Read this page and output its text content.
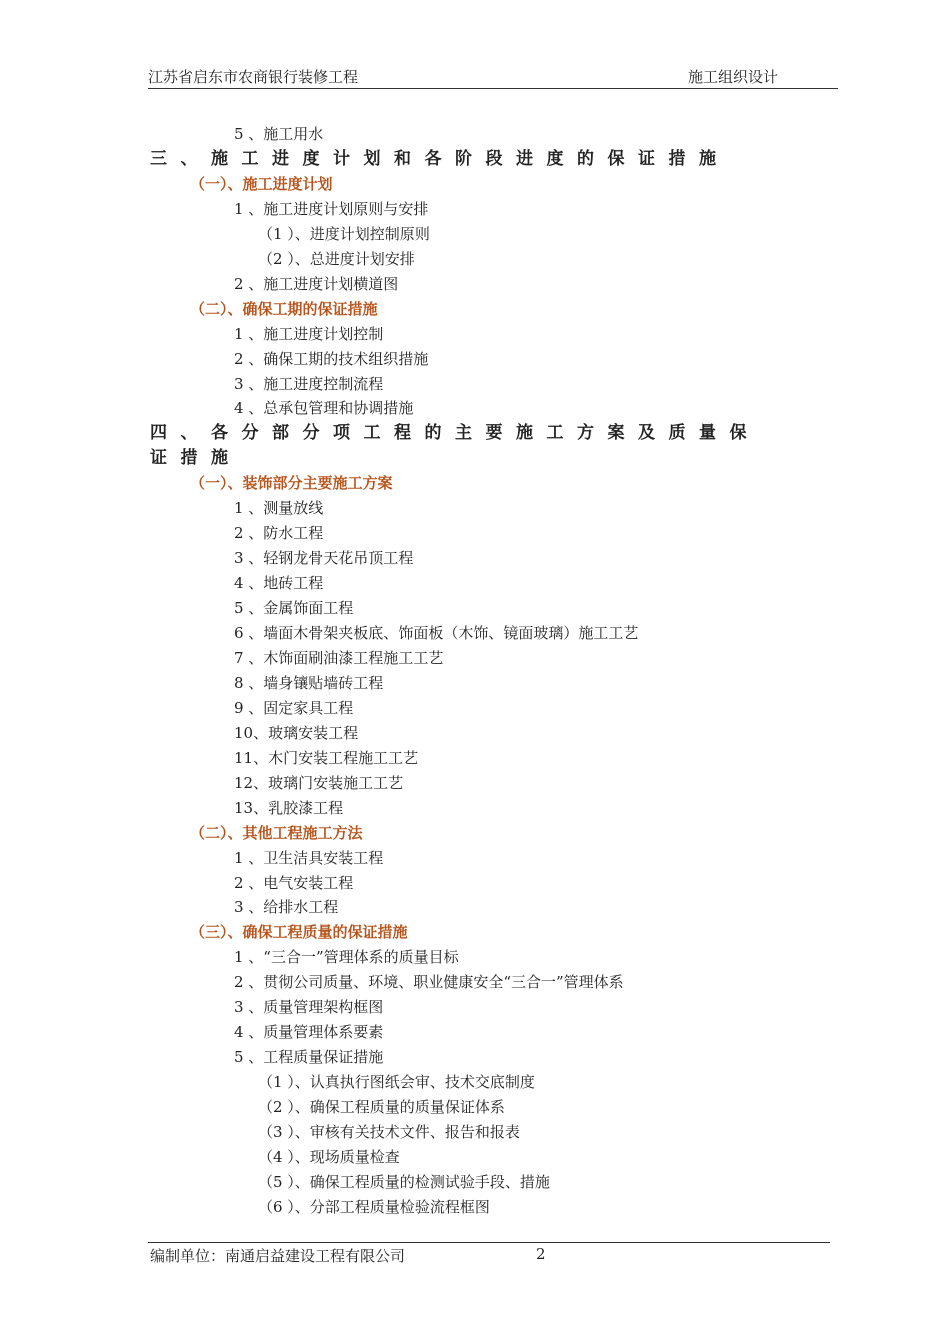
江苏省启东市农商银行装修工程	施工组织设计
5 、施工用水
三、施工进度计划和各阶段进度的保证措施
（一）、施工进度计划
1 、施工进度计划原则与安排
（1 ）、进度计划控制原则
（2 ）、总进度计划安排
2 、施工进度计划横道图
（二）、确保工期的保证措施
1 、施工进度计划控制
2 、确保工期的技术组织措施
3 、施工进度控制流程
4 、总承包管理和协调措施
四、各分部分项工程的主要施工方案及质量保
证措施
（一）、装饰部分主要施工方案
1 、测量放线
2 、防水工程
3 、轻钢龙骨天花吊顶工程
4 、地砖工程
5 、金属饰面工程
6 、墙面木骨架夹板底、饰面板（木饰、镜面玻璃）施工工艺
7 、木饰面刷油漆工程施工工艺
8 、墙身镶贴墙砖工程
9 、固定家具工程
10、玻璃安装工程
11、木门安装工程施工工艺
12、玻璃门安装施工工艺
13、乳胶漆工程
（二）、其他工程施工方法
1 、卫生洁具安装工程
2 、电气安装工程
3 、给排水工程
（三）、确保工程质量的保证措施
1 、“三合一”管理体系的质量目标
2 、贯彻公司质量、环境、职业健康安全“三合一”管理体系
3 、质量管理架构框图
4 、质量管理体系要素
5 、工程质量保证措施
（1 ）、认真执行图纸会审、技术交底制度
（2 ）、确保工程质量的质量保证体系
（3 ）、审核有关技术文件、报告和报表
（4 ）、现场质量检查
（5 ）、确保工程质量的检测试验手段、措施
（6 ）、分部工程质量检验流程框图
编制单位：南通启益建设工程有限公司	2
